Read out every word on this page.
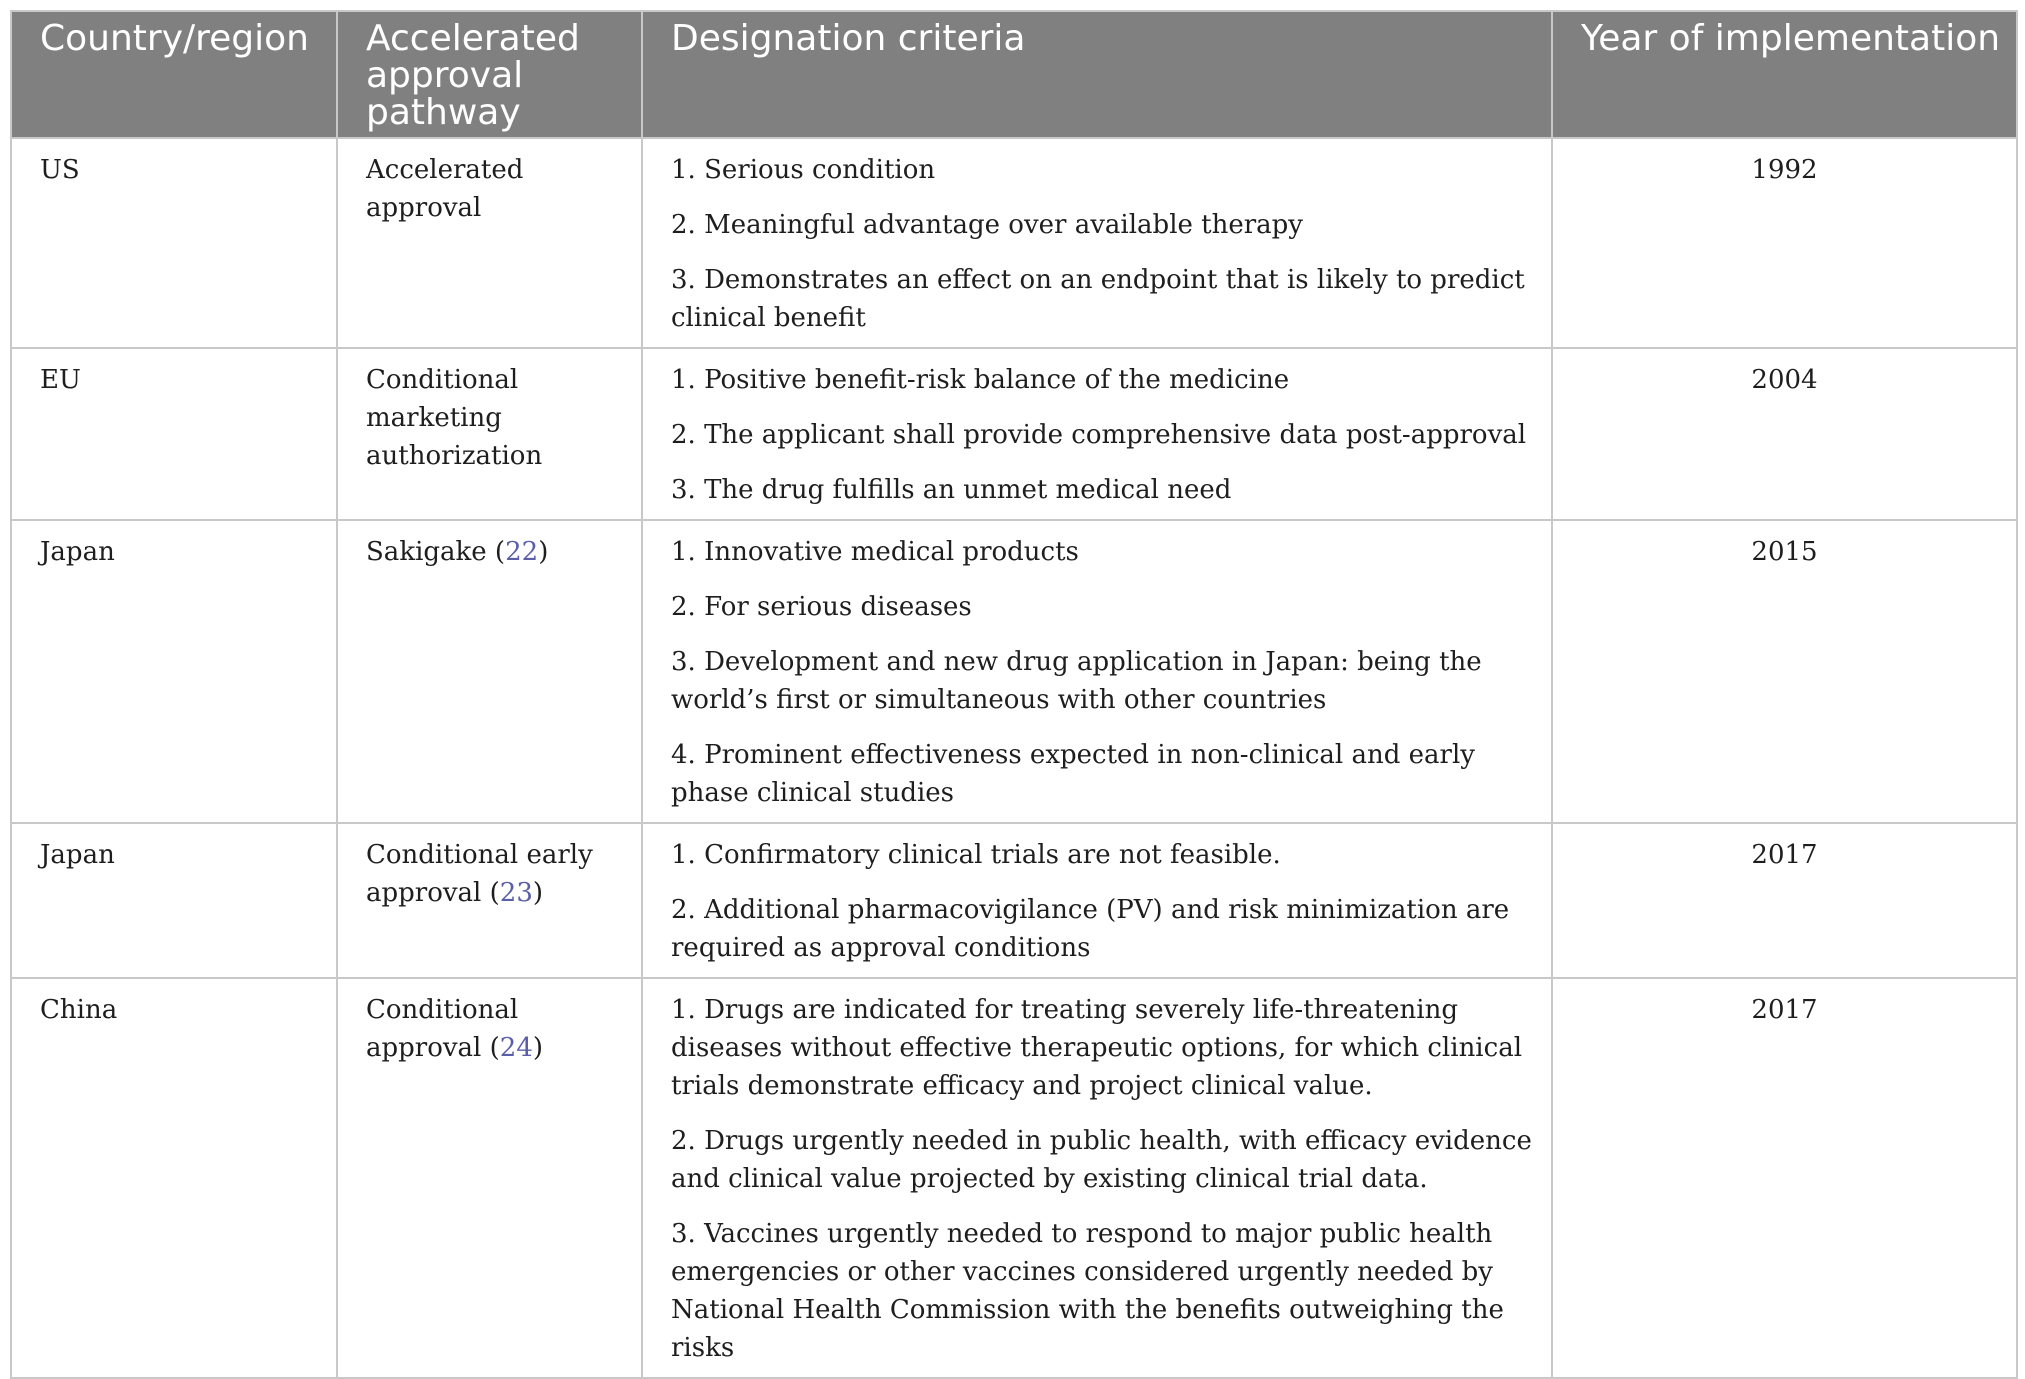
Country/region	Accelerated approval pathway	Designation criteria	Year of implementation
US	Accelerated approval	1. Serious condition
2. Meaningful advantage over available therapy
3. Demonstrates an effect on an endpoint that is likely to predict clinical benefit	1992
EU	Conditional marketing authorization	1. Positive benefit-risk balance of the medicine
2. The applicant shall provide comprehensive data post-approval
3. The drug fulfills an unmet medical need	2004
Japan	Sakigake (22)	1. Innovative medical products
2. For serious diseases
3. Development and new drug application in Japan: being the world’s first or simultaneous with other countries
4. Prominent effectiveness expected in non-clinical and early phase clinical studies	2015
Japan	Conditional early approval (23)	1. Confirmatory clinical trials are not feasible.
2. Additional pharmacovigilance (PV) and risk minimization are required as approval conditions	2017
China	Conditional approval (24)	1. Drugs are indicated for treating severely life-threatening diseases without effective therapeutic options, for which clinical trials demonstrate efficacy and project clinical value.
2. Drugs urgently needed in public health, with efficacy evidence and clinical value projected by existing clinical trial data.
3. Vaccines urgently needed to respond to major public health emergencies or other vaccines considered urgently needed by National Health Commission with the benefits outweighing the risks	2017
